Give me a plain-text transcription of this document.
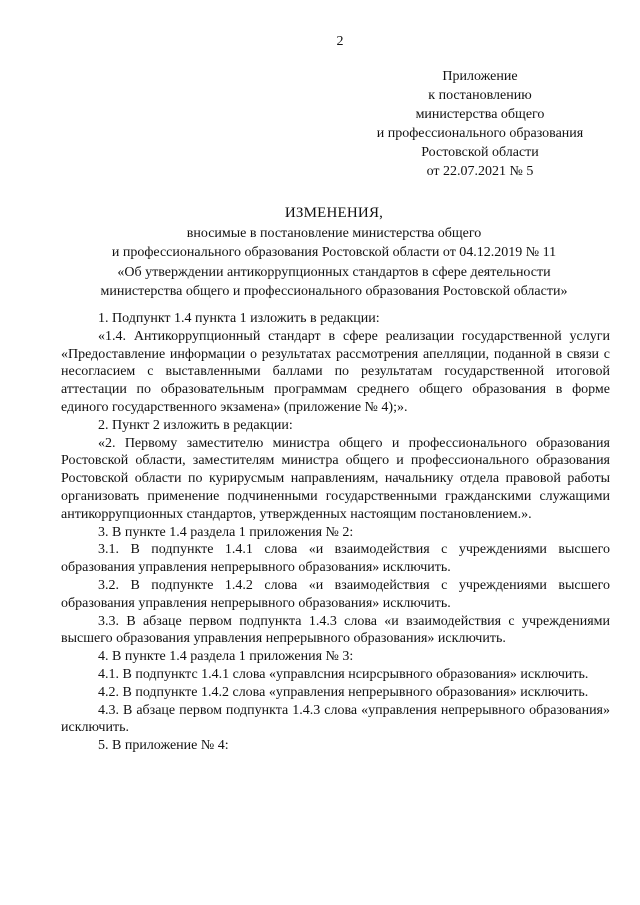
2
Приложение
к постановлению
министерства общего
и профессионального образования
Ростовской области
от 22.07.2021 № 5
ИЗМЕНЕНИЯ,
вносимые в постановление министерства общего
и профессионального образования Ростовской области от 04.12.2019 № 11
«Об утверждении антикоррупционных стандартов в сфере деятельности
министерства общего и профессионального образования Ростовской области»

1. Подпункт 1.4 пункта 1 изложить в редакции:

«1.4. Антикоррупционный стандарт в сфере реализации государственной услуги «Предоставление информации о результатах рассмотрения апелляции, поданной в связи с несогласием с выставленными баллами по результатам государственной итоговой аттестации по образовательным программам среднего общего образования в форме единого государственного экзамена» (приложение № 4);».

2. Пункт 2 изложить в редакции:

«2. Первому заместителю министра общего и профессионального образования Ростовской области, заместителям министра общего и профессионального образования Ростовской области по курирусмым направлениям, начальнику отдела правовой работы организовать применение подчиненными государственными гражданскими служащими антикоррупционных стандартов, утвержденных настоящим постановлением.».

3. В пункте 1.4 раздела 1 приложения № 2:

3.1. В подпункте 1.4.1 слова «и взаимодействия с учреждениями высшего образования управления непрерывного образования» исключить.

3.2. В подпункте 1.4.2 слова «и взаимодействия с учреждениями высшего образования управления непрерывного образования» исключить.

3.3. В абзаце первом подпункта 1.4.3 слова «и взаимодействия с учреждениями высшего образования управления непрерывного образования» исключить.

4. В пункте 1.4 раздела 1 приложения № 3:

4.1. В подпунктс 1.4.1 слова «управлсния нсирсрывного образования» исключить.

4.2. В подпункте 1.4.2 слова «управления непрерывного образования» исключить.

4.3. В абзаце первом подпункта 1.4.3 слова «управления непрерывного образования» исключить.

5. В приложение № 4:
